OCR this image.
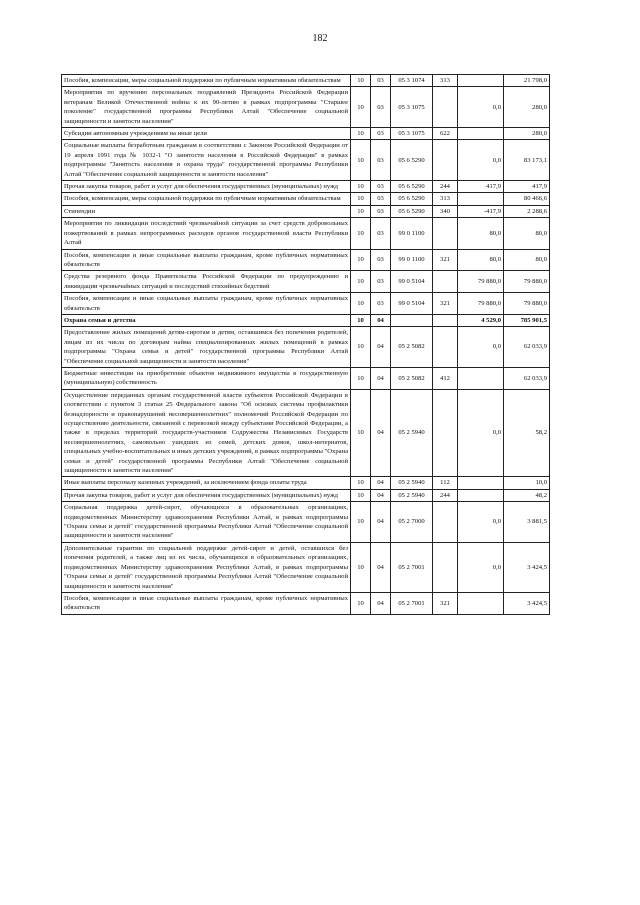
182
Пособия, компенсации, меры социальной поддержки по публичным нормативным обязательствам	10	03	05 3 1074	313		21 798,0
Мероприятия по вручению персональных поздравлений Президента Российской Федерации ветеранам Великой Отечественной войны к их 90-летию в рамках подпрограммы "Старшее поколение" государственной программы Республики Алтай "Обеспечение социальной защищенности и занятости населения"	10	03	05 3 1075		0,0	280,0
Субсидии автономным учреждениям на иные цели	10	03	05 3 1075	622		280,0
Социальные выплаты безработным гражданам в соответствии с Законом Российской Федерации от 19 апреля 1991 года № 1032-1 "О занятости населения в Российской Федерации" в рамках подпрограммы "Занятость населения и охрана труда" государственной программы Республики Алтай "Обеспечение социальной защищенности и занятости населения"	10	03	05 6 5290		0,0	83 173,1
Прочая закупка товаров, работ и услуг для обеспечения государственных (муниципальных) нужд	10	03	05 6 5290	244	417,9	417,9
Пособия, компенсации, меры социальной поддержки по публичным нормативным обязательствам	10	03	05 6 5290	313		80 466,6
Стипендии	10	03	05 6 5290	340	-417,9	2 288,6
Мероприятия по ликвидации последствий чрезвычайной ситуации за счет средств добровольных пожертвований в рамках непрограммных расходов органов государственной власти Республики Алтай	10	03	99 0 1100		80,0	80,0
Пособия, компенсации и иные социальные выплаты гражданам, кроме публичных нормативных обязательств	10	03	99 0 1100	321	80,0	80,0
Средства резервного фонда Правительства Российской Федерации по предупреждению и ликвидации чрезвычайных ситуаций и последствий стихийных бедствий	10	03	99 0 5104		79 880,0	79 880,0
Пособия, компенсации и иные социальные выплаты гражданам, кроме публичных нормативных обязательств	10	03	99 0 5104	321	79 880,0	79 880,0
Охрана семьи и детства	10	04			4 529,0	785 901,5
Предоставление жилых помещений детям-сиротам и детям, оставшимся без попечения родителей, лицам из их числа по договорам найма специализированных жилых помещений в рамках подпрограммы "Охрана семьи и детей" государственной программы Республики Алтай "Обеспечение социальной защищенности и занятости населения"	10	04	05 2 5082		0,0	62 033,9
Бюджетные инвестиции на приобретение объектов недвижимого имущества в государственную (муниципальную) собственность	10	04	05 2 5082	412		62 033,9
Осуществление переданных органам государственной власти субъектов Российской Федерации в соответствии с пунктом 3 статьи 25 Федерального закона "Об основах системы профилактики безнадзорности и правонарушений несовершеннолетних" полномочий Российской Федерации по осуществлению деятельности, связанной с перевозкой между субъектами Российской Федерации, а также в пределах территорий государств-участников Содружества Независимых Государств несовершеннолетних, самовольно ушедших из семей, детских домов, школ-интернатов, специальных учебно-воспитательных и иных детских учреждений, в рамках подпрограммы "Охрана семьи и детей" государственной программы Республики Алтай "Обеспечение социальной защищенности и занятости населения"	10	04	05 2 5940		0,0	58,2
Иные выплаты персоналу казенных учреждений, за исключением фонда оплаты труда	10	04	05 2 5940	112		10,0
Прочая закупка товаров, работ и услуг для обеспечения государственных (муниципальных) нужд	10	04	05 2 5940	244		48,2
Социальная поддержка детей-сирот, обучающихся в образовательных организациях, подведомственных Министерству здравоохранения Республики Алтай, в рамках подпрограммы "Охрана семьи и детей" государственной программы Республики Алтай "Обеспечение социальной защищенности и занятости населения"	10	04	05 2 7000		0,0	3 881,5
Дополнительные гарантии по социальной поддержке детей-сирот и детей, оставшихся без попечения родителей, а также лиц из их числа, обучающихся в образовательных организациях, подведомственных Министерству здравоохранения Республики Алтай, в рамках подпрограммы "Охрана семьи и детей" государственной программы Республики Алтай "Обеспечение социальной защищенности и занятости населения"	10	04	05 2 7001		0,0	3 424,5
Пособия, компенсации и иные социальные выплаты гражданам, кроме публичных нормативных обязательств	10	04	05 2 7001	321		3 424,5
